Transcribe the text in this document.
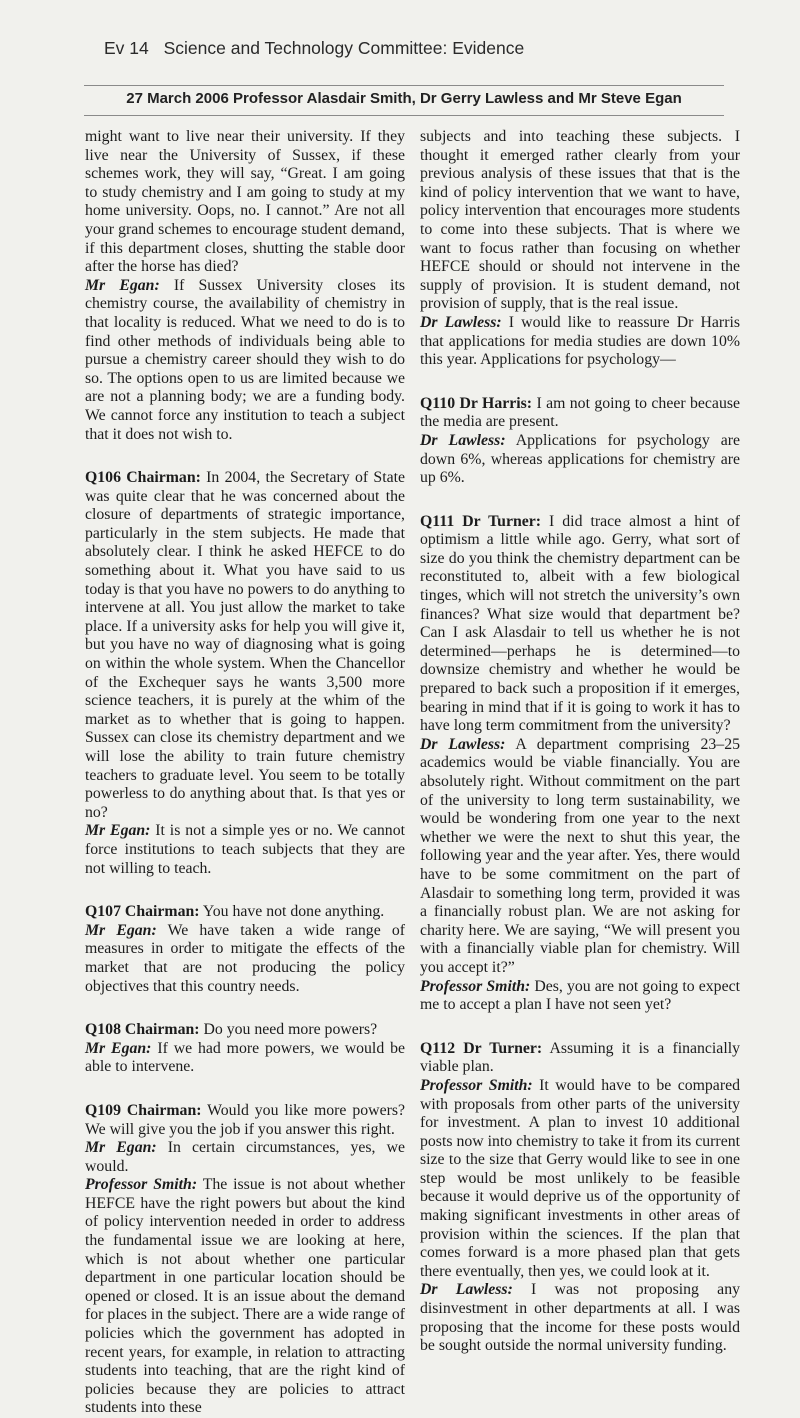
Ev 14 Science and Technology Committee: Evidence
27 March 2006 Professor Alasdair Smith, Dr Gerry Lawless and Mr Steve Egan

might want to live near their university. If they live near the University of Sussex, if these schemes work, they will say, “Great. I am going to study chemistry and I am going to study at my home university. Oops, no. I cannot.” Are not all your grand schemes to encourage student demand, if this department closes, shutting the stable door after the horse has died?

Mr Egan: If Sussex University closes its chemistry course, the availability of chemistry in that locality is reduced. What we need to do is to find other methods of individuals being able to pursue a chemistry career should they wish to do so. The options open to us are limited because we are not a planning body; we are a funding body. We cannot force any institution to teach a subject that it does not wish to.

Q106 Chairman: In 2004, the Secretary of State was quite clear that he was concerned about the closure of departments of strategic importance, particularly in the stem subjects. He made that absolutely clear. I think he asked HEFCE to do something about it. What you have said to us today is that you have no powers to do anything to intervene at all. You just allow the market to take place. If a university asks for help you will give it, but you have no way of diagnosing what is going on within the whole system. When the Chancellor of the Exchequer says he wants 3,500 more science teachers, it is purely at the whim of the market as to whether that is going to happen. Sussex can close its chemistry department and we will lose the ability to train future chemistry teachers to graduate level. You seem to be totally powerless to do anything about that. Is that yes or no?

Mr Egan: It is not a simple yes or no. We cannot force institutions to teach subjects that they are not willing to teach.

Q107 Chairman: You have not done anything.

Mr Egan: We have taken a wide range of measures in order to mitigate the effects of the market that are not producing the policy objectives that this country needs.

Q108 Chairman: Do you need more powers?

Mr Egan: If we had more powers, we would be able to intervene.

Q109 Chairman: Would you like more powers? We will give you the job if you answer this right.

Mr Egan: In certain circumstances, yes, we would.

Professor Smith: The issue is not about whether HEFCE have the right powers but about the kind of policy intervention needed in order to address the fundamental issue we are looking at here, which is not about whether one particular department in one particular location should be opened or closed. It is an issue about the demand for places in the subject. There are a wide range of policies which the government has adopted in recent years, for example, in relation to attracting students into teaching, that are the right kind of policies because they are policies to attract students into these

subjects and into teaching these subjects. I thought it emerged rather clearly from your previous analysis of these issues that that is the kind of policy intervention that we want to have, policy intervention that encourages more students to come into these subjects. That is where we want to focus rather than focusing on whether HEFCE should or should not intervene in the supply of provision. It is student demand, not provision of supply, that is the real issue.

Dr Lawless: I would like to reassure Dr Harris that applications for media studies are down 10% this year. Applications for psychology—

Q110 Dr Harris: I am not going to cheer because the media are present.

Dr Lawless: Applications for psychology are down 6%, whereas applications for chemistry are up 6%.

Q111 Dr Turner: I did trace almost a hint of optimism a little while ago. Gerry, what sort of size do you think the chemistry department can be reconstituted to, albeit with a few biological tinges, which will not stretch the university’s own finances? What size would that department be? Can I ask Alasdair to tell us whether he is not determined—perhaps he is determined—to downsize chemistry and whether he would be prepared to back such a proposition if it emerges, bearing in mind that if it is going to work it has to have long term commitment from the university?

Dr Lawless: A department comprising 23–25 academics would be viable financially. You are absolutely right. Without commitment on the part of the university to long term sustainability, we would be wondering from one year to the next whether we were the next to shut this year, the following year and the year after. Yes, there would have to be some commitment on the part of Alasdair to something long term, provided it was a financially robust plan. We are not asking for charity here. We are saying, “We will present you with a financially viable plan for chemistry. Will you accept it?”

Professor Smith: Des, you are not going to expect me to accept a plan I have not seen yet?

Q112 Dr Turner: Assuming it is a financially viable plan.

Professor Smith: It would have to be compared with proposals from other parts of the university for investment. A plan to invest 10 additional posts now into chemistry to take it from its current size to the size that Gerry would like to see in one step would be most unlikely to be feasible because it would deprive us of the opportunity of making significant investments in other areas of provision within the sciences. If the plan that comes forward is a more phased plan that gets there eventually, then yes, we could look at it.

Dr Lawless: I was not proposing any disinvestment in other departments at all. I was proposing that the income for these posts would be sought outside the normal university funding.
